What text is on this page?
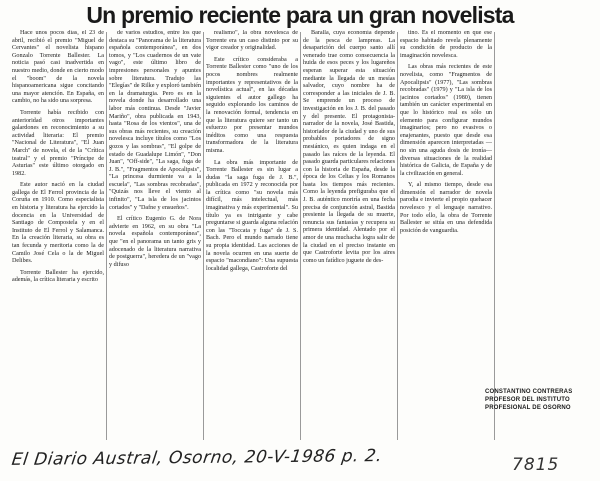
Un premio reciente para un gran novelista

Hace unos pocos días, el 23 de abril, recibió el premio "Miguel de Cervantes" el novelista hispano Gonzalo Torrente Ballester. La noticia pasó casi inadvertida en nuestro medio, donde en cierto modo el "boom" de la novela hispanoamericana sigue concitando una mayor atención. En España, en cambio, no ha sido una sorpresa.

Torrente había recibido con anterioridad otros importantes galardones en reconocimiento a su actividad literaria: El premio "Nacional de Literatura", "El Juan March" de novela, el de la "Crítica teatral" y el premio "Príncipe de Asturias" este último otorgado en 1982.

Este autor nació en la ciudad gallega de El Ferrol provincia de la Coruña en 1910. Como especialista en historia y literatura ha ejercido la docencia en la Universidad de Santiago de Compostela y en el Instituto de El Ferrol y Salamanca. En la creación literaria, su obra es tan fecunda y meritoria como la de Camilo José Cela o la de Miguel Delibes.

Torrente Ballester ha ejercido, además, la crítica literaria y escrito

de varios estudios, entre los que destaca su "Panorama de la literatura española contemporánea", en dos tomos, y "Los cuadernos de un vate vago", este último libro de impresiones personales y apuntes sobre literatura. Tradujo las "Elegías" de Rilke y exploró también en la dramaturgia. Pero es en la novela donde ha desarrollado una labor más continua. Desde "Javier Mariño", obra publicada en 1943, hasta "Rosa de los vientos", una de sus obras más recientes, su creación novelesca incluye títulos como "Los gozos y las sombras", "El golpe de estado de Guadalupe Limón", "Don Juan", "Off-side", "La saga, fuga de J. B.", "Fragmentos de Apocalipsis", "La princesa durmiente va a la escuela", "Las sombras recobradas", "Quizás nos lleve el viento al infinito", "La isla de los jacintos cortados" y "Dafne y ensueños".

El crítico Eugenio G. de Nora advierte en 1962, en su obra "La novela española contemporánea", que "en el panorama un tanto gris y adocenado de la literatura narrativa de postguerra", heredera de un "vago y difuso

realismo", la obra novelesca de Torrente era un caso distinto por su vigor creador y originalidad.

Este crítico consideraba a Torrente Ballester como "uno de los pocos nombres realmente importantes y representativos de la novelística actual", en las décadas siguientes el autor gallego ha seguido explorando los caminos de la renovación formal, tendencia en que la literatura quiere ser tanto un esfuerzo por presentar mundos inéditos como una respuesta transformadora de la literatura misma.

La obra más importante de Torrente Ballester es sin lugar a dudas "la saga fuga de J. B.", publicada en 1972 y reconocida por la crítica como "su novela más difícil, más intelectual, más imaginativa y más experimental". Su título ya es intrigante y cabe preguntarse si guarda alguna relación con las "Toccata y fuga" de J. S. Bach. Pero el mundo narrado tiene su propia identidad. Las acciones de la novela ocurren en una suerte de espacio "macondiano": Una supuesta localidad gallega, Castroforte del

Baralla, cuya economía depende de la pesca de lampreas. La desaparición del cuerpo santo allí venerado trae como consecuencia la huida de esos peces y los lugareños esperan superar esta situación mediante la llegada de un mesías salvador, cuyo nombre ha de corresponder a las iniciales de J. B. Se emprende un proceso de investigación en los J. B. del pasado y del presente. El protagonista-narrador de la novela, José Bastida, historiador de la ciudad y uno de sus probables portadores de signo mesiánico, es quien indaga en el pasado las raíces de la leyenda. El pasado guarda particulares relaciones con la historia de España, desde la época de los Celtas y los Romanos hasta los tiempos más recientes. Como la leyenda prefiguraba que el J. B. auténtico moriría en una fecha precisa de conjunción astral, Bastida presiente la llegada de su muerte, renuncia sus fantasías y recupera su primera identidad. Alentado por el amor de una muchacha logra salir de la ciudad en el preciso instante en que Castroforte levita por los aires como un fatídico juguete de des-

tino. Es el momento en que ese espacio habitado revela plenamente su condición de producto de la imaginación novelesca.

Las obras más recientes de este novelista, como "Fragmentos de Apocalipsis" (1977), "Las sombras recobradas" (1979) y "La isla de los jacintos cortados" (1980), tienen también un carácter experimental en que lo histórico real es sólo un elemento para configurar mundos imaginarios; pero no evasivos o enajenantes, puesto que desde esa dimensión aparecen interpretadas —no sin una aguda dosis de ironía— diversas situaciones de la realidad histórica de Galicia, de España y de la civilización en general.

Y, al mismo tiempo, desde esa dimensión el narrador de novela parodia e invierte el propio quehacer novelesco y el lenguaje narrativo. Por todo ello, la obra de Torrente Ballester se sitúa en una defendida posición de vanguardia.

CONSTANTINO CONTRERAS
PROFESOR DEL INSTITUTO PROFESIONAL DE OSORNO
El Diario Austral, Osorno, 20-V-1986 p. 2.	7815
